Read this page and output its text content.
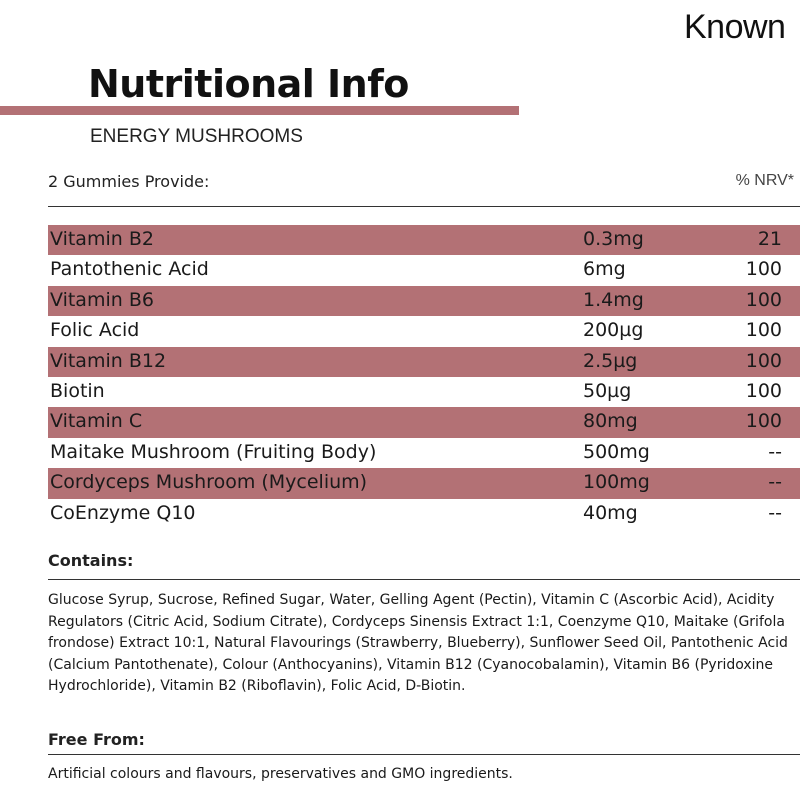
Known
Nutritional Info
ENERGY MUSHROOMS
2 Gummies Provide:	% NRV*
Vitamin B2	0.3mg	21
Pantothenic Acid	6mg	100
Vitamin B6	1.4mg	100
Folic Acid	200µg	100
Vitamin B12	2.5µg	100
Biotin	50µg	100
Vitamin C	80mg	100
Maitake Mushroom (Fruiting Body)	500mg	--
Cordyceps Mushroom (Mycelium)	100mg	--
CoEnzyme Q10	40mg	--
Contains:
Glucose Syrup, Sucrose, Refined Sugar, Water, Gelling Agent (Pectin), Vitamin C (Ascorbic Acid), Acidity Regulators (Citric Acid, Sodium Citrate), Cordyceps Sinensis Extract 1:1, Coenzyme Q10, Maitake (Grifola frondose) Extract 10:1, Natural Flavourings (Strawberry, Blueberry), Sunflower Seed Oil, Pantothenic Acid (Calcium Pantothenate), Colour (Anthocyanins), Vitamin B12 (Cyanocobalamin), Vitamin B6 (Pyridoxine Hydrochloride), Vitamin B2 (Riboflavin), Folic Acid, D-Biotin.
Free From:
Artificial colours and flavours, preservatives and GMO ingredients.
